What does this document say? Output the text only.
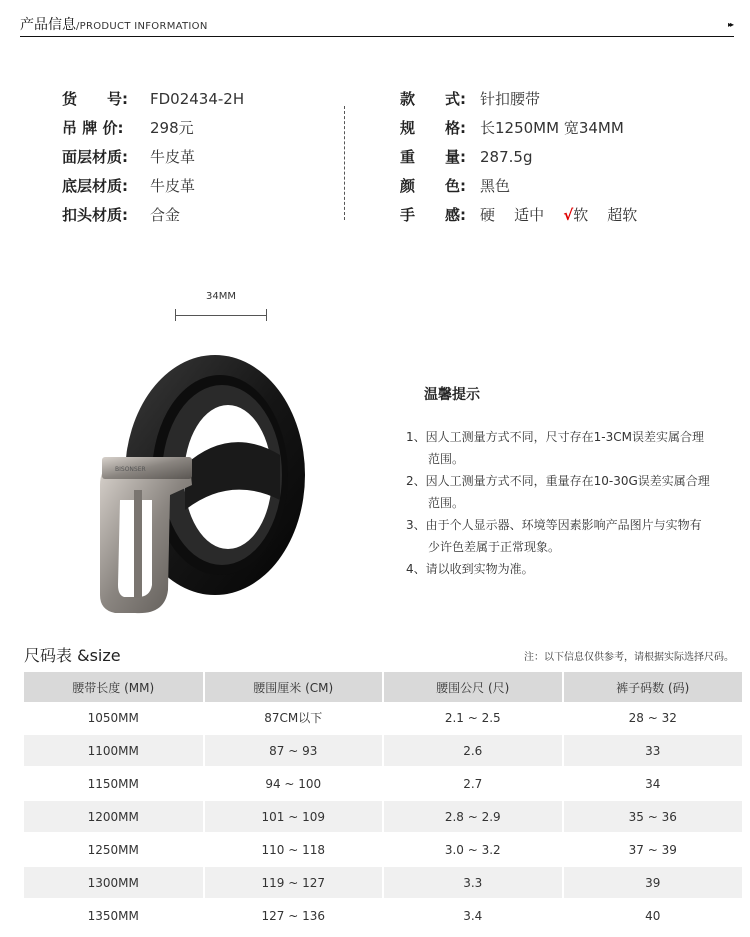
产品信息/PRODUCT INFORMATION	▸▸
货　　号: FD02434-2H
吊 牌 价: 298元
面层材质: 牛皮革
底层材质: 牛皮革
扣头材质: 合金
款　　式: 针扣腰带
规　　格: 长1250MM 宽34MM
重　　量: 287.5g
颜　　色: 黑色
手　　感: 硬 适中 √软 超软
34MM
BISONSER
温馨提示
1、因人工测量方式不同，尺寸存在1-3CM误差实属合理范围。
2、因人工测量方式不同，重量存在10-30G误差实属合理范围。
3、由于个人显示器、环境等因素影响产品图片与实物有少许色差属于正常现象。
4、请以收到实物为准。
尺码表 &size	注：以下信息仅供参考，请根据实际选择尺码。
腰带长度 (MM)	腰围厘米 (CM)	腰围公尺 (尺)	裤子码数 (码)
1050MM	87CM以下	2.1 ~ 2.5	28 ~ 32
1100MM	87 ~ 93	2.6	33
1150MM	94 ~ 100	2.7	34
1200MM	101 ~ 109	2.8 ~ 2.9	35 ~ 36
1250MM	110 ~ 118	3.0 ~ 3.2	37 ~ 39
1300MM	119 ~ 127	3.3	39
1350MM	127 ~ 136	3.4	40
